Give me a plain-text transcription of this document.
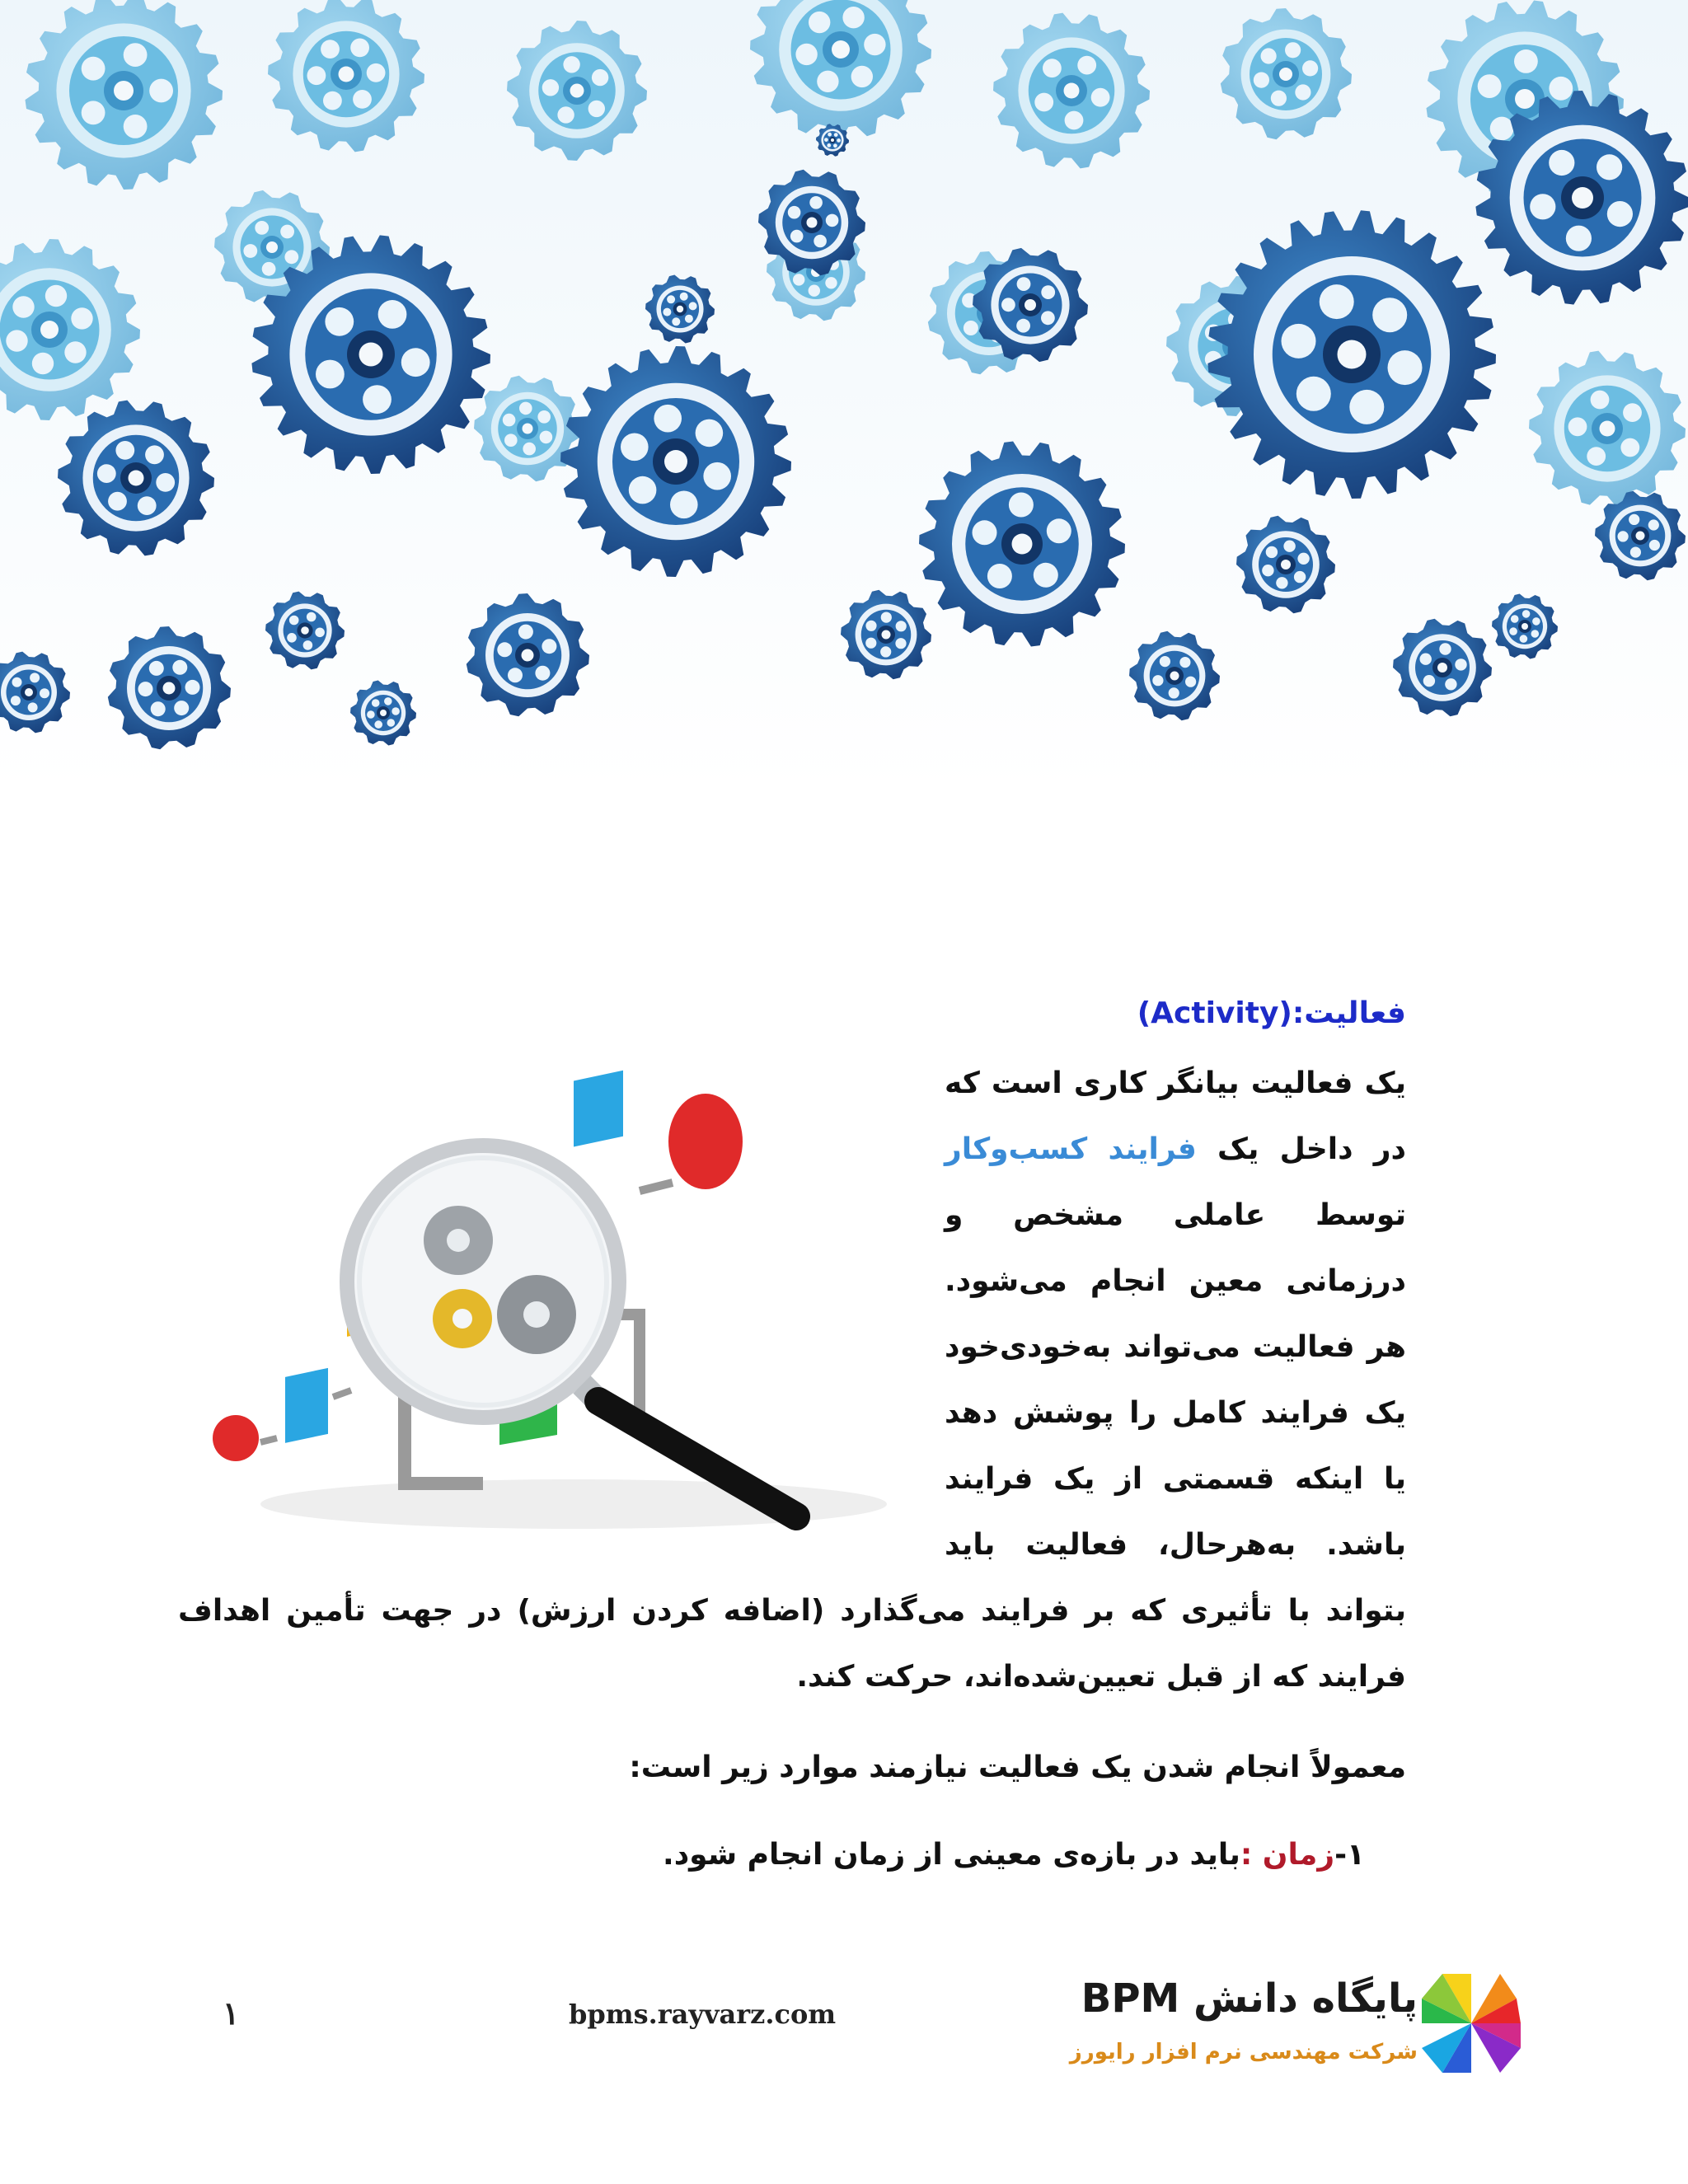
فعالیت:(Activity)

یک فعالیت بیانگر کاری است که در داخل یک فرایند کسب‌وکار توسط عاملی مشخص و درزمانی معین انجام می‌شود. هر فعالیت می‌تواند به‌خودی‌خود یک فرایند کامل را پوشش دهد یا اینکه قسمتی از یک فرایند باشد. به‌هرحال، فعالیت باید بتواند با تأثیری که بر فرایند می‌گذارد (اضافه کردن ارزش) در جهت تأمین اهداف فرایند که از قبل تعیین‌شده‌اند، حرکت کند.

معمولاً انجام شدن یک فعالیت نیازمند موارد زیر است:

۱-زمان :باید در بازه‌ی معینی از زمان انجام شود.

۱	bpms.rayvarz.com	پایگاه دانش BPM
شرکت مهندسی نرم افزار رایورز
